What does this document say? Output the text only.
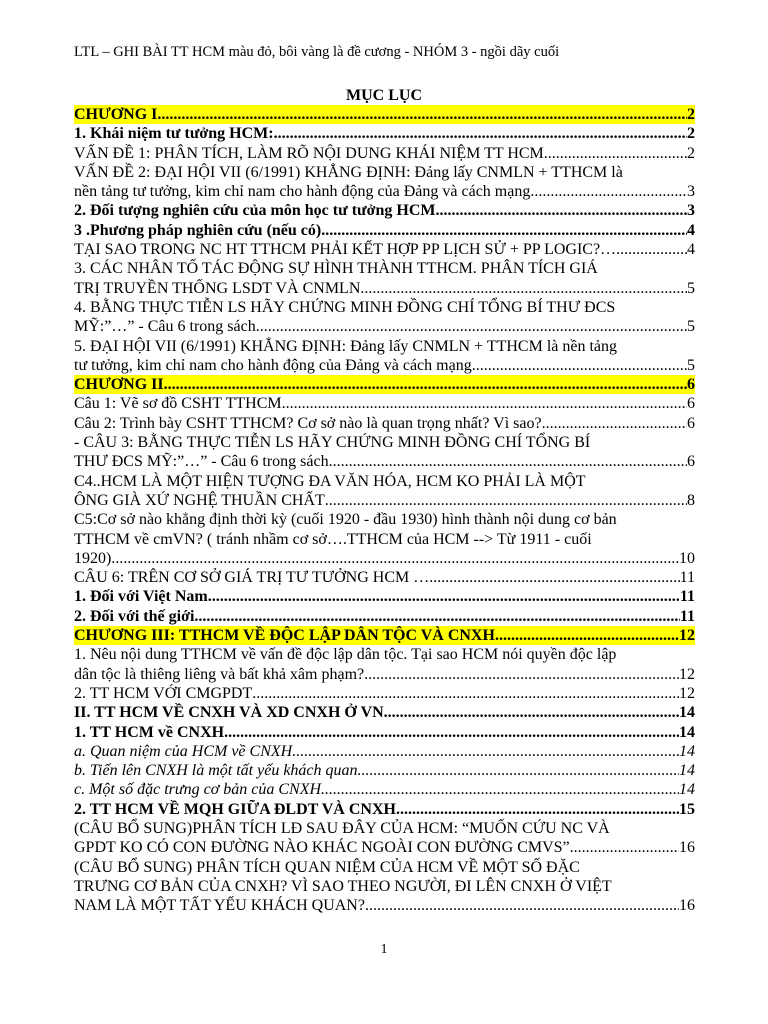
LTL – GHI BÀI TT HCM màu đỏ, bôi vàng là đề cương - NHÓM 3 - ngồi dãy cuối
MỤC LỤC
CHƯƠNG I. .....	2
1. Khái niệm tư tưởng HCM: .....	2
VẤN ĐỀ 1: PHÂN TÍCH, LÀM RÕ NỘI DUNG KHÁI NIỆM TT HCM .....	2
VẤN ĐỀ 2: ĐẠI HỘI VII (6/1991) KHẲNG ĐỊNH: Đảng lấy CNMLN + TTHCM là
nền tảng tư tưởng, kim chỉ nam cho hành động của Đảng và cách mạng .....	3
2. Đối tượng nghiên cứu của môn học tư tưởng HCM .....	3
3 .Phương pháp nghiên cứu (nếu có) .....	4
TẠI SAO TRONG NC HT TTHCM PHẢI KẾT HỢP PP LỊCH SỬ + PP LOGIC?… .....	4
3. CÁC NHÂN TỐ TÁC ĐỘNG SỰ HÌNH THÀNH TTHCM. PHÂN TÍCH GIÁ
TRỊ TRUYỀN THỐNG LSDT VÀ CNMLN .....	5
4. BẰNG THỰC TIỄN LS HÃY CHỨNG MINH ĐỒNG CHÍ TỔNG BÍ THƯ ĐCS
MỸ:”…” - Câu 6 trong sách .....	5
5. ĐẠI HỘI VII (6/1991) KHẲNG ĐỊNH: Đảng lấy CNMLN + TTHCM là nền tảng
tư tưởng, kim chỉ nam cho hành động của Đảng và cách mạng .....	5
CHƯƠNG II. .....	6
Câu 1: Vẽ sơ đồ CSHT TTHCM .....	6
Câu 2: Trình bày CSHT TTHCM? Cơ sở nào là quan trọng nhất? Vì sao? .....	6
- CÂU 3: BẰNG THỰC TIỄN LS HÃY CHỨNG MINH ĐỒNG CHÍ TỔNG BÍ
THƯ ĐCS MỸ:”…” - Câu 6 trong sách .....	6
C4..HCM LÀ MỘT HIỆN TƯỢNG ĐA VĂN HÓA, HCM KO PHẢI LÀ MỘT
ÔNG GIÀ XỨ NGHỆ THUẦN CHẤT .....	8
C5:Cơ sở nào khẳng định thời kỳ (cuối 1920 - đầu 1930) hình thành nội dung cơ bản
TTHCM về cmVN? ( tránh nhầm cơ sở….TTHCM của HCM --> Từ 1911 - cuối
1920) .....	10
CÂU 6: TRÊN CƠ SỞ GIÁ TRỊ TƯ TƯỞNG HCM … .....	11
1. Đối với Việt Nam .....	11
2. Đối với thế giới .....	11
CHƯƠNG III: TTHCM VỀ ĐỘC LẬP DÂN TỘC VÀ CNXH .....	12
1. Nêu nội dung TTHCM về vấn đề độc lập dân tộc. Tại sao HCM nói quyền độc lập
dân tộc là thiêng liêng và bất khả xâm phạm? .....	12
2. TT HCM VỚI CMGPDT .....	12
II. TT HCM VỀ CNXH VÀ XD CNXH Ở VN .....	14
1. TT HCM về CNXH .....	14
a. Quan niệm của HCM về CNXH .....	14
b. Tiến lên CNXH là một tất yếu khách quan .....	14
c. Một số đặc trưng cơ bản của CNXH .....	14
2. TT HCM VỀ MQH GIỮA ĐLDT VÀ CNXH .....	15
(CÂU BỔ SUNG)PHÂN TÍCH LĐ SAU ĐÂY CỦA HCM: “MUỐN CỨU NC VÀ
GPDT KO CÓ CON ĐƯỜNG NÀO KHÁC NGOÀI CON ĐƯỜNG CMVS” .....	16
(CÂU BỔ SUNG) PHÂN TÍCH QUAN NIỆM CỦA HCM VỀ MỘT SỐ ĐẶC
TRƯNG CƠ BẢN CỦA CNXH? VÌ SAO THEO NGƯỜI, ĐI LÊN CNXH Ở VIỆT
NAM LÀ MỘT TẤT YẾU KHÁCH QUAN? .....	16
1
